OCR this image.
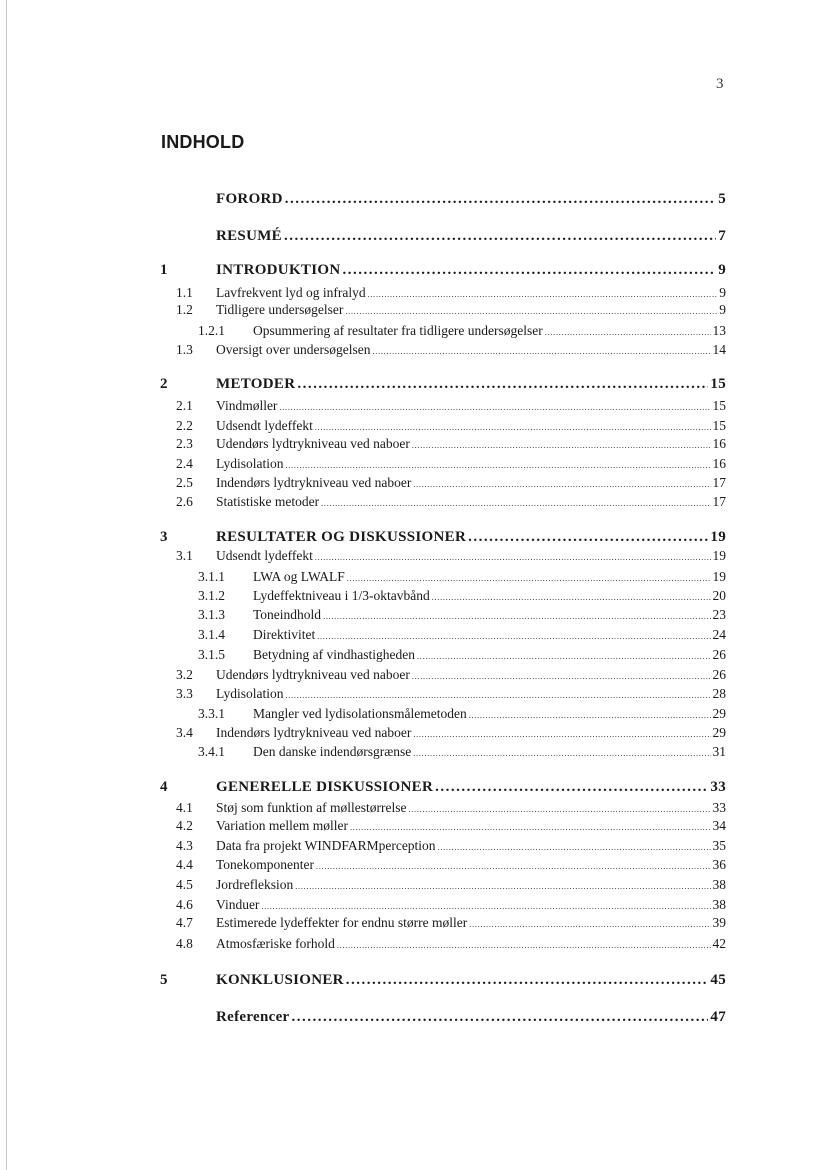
3
INDHOLD
FORORD .....	5
RESUMÉ .....	7
1	INTRODUKTION .....	9
1.1 Lavfrekvent lyd og infralyd .....	9
1.2 Tidligere undersøgelser .....	9
1.2.1 Opsummering af resultater fra tidligere undersøgelser .....	13
1.3 Oversigt over undersøgelsen .....	14
2	METODER .....	15
2.1 Vindmøller .....	15
2.2 Udsendt lydeffekt .....	15
2.3 Udendørs lydtrykniveau ved naboer .....	16
2.4 Lydisolation .....	16
2.5 Indendørs lydtrykniveau ved naboer .....	17
2.6 Statistiske metoder .....	17
3	RESULTATER OG DISKUSSIONER .....	19
3.1 Udsendt lydeffekt .....	19
3.1.1 LWA og LWALF .....	19
3.1.2 Lydeffektniveau i 1/3-oktavbånd .....	20
3.1.3 Toneindhold .....	23
3.1.4 Direktivitet .....	24
3.1.5 Betydning af vindhastigheden .....	26
3.2 Udendørs lydtrykniveau ved naboer .....	26
3.3 Lydisolation .....	28
3.3.1 Mangler ved lydisolationsmålemetoden .....	29
3.4 Indendørs lydtrykniveau ved naboer .....	29
3.4.1 Den danske indendørsgrænse .....	31
4	GENERELLE DISKUSSIONER .....	33
4.1 Støj som funktion af møllestørrelse .....	33
4.2 Variation mellem møller .....	34
4.3 Data fra projekt WINDFARMperception .....	35
4.4 Tonekomponenter .....	36
4.5 Jordrefleksion .....	38
4.6 Vinduer .....	38
4.7 Estimerede lydeffekter for endnu større møller .....	39
4.8 Atmosfæriske forhold .....	42
5	KONKLUSIONER .....	45
Referencer .....	47
